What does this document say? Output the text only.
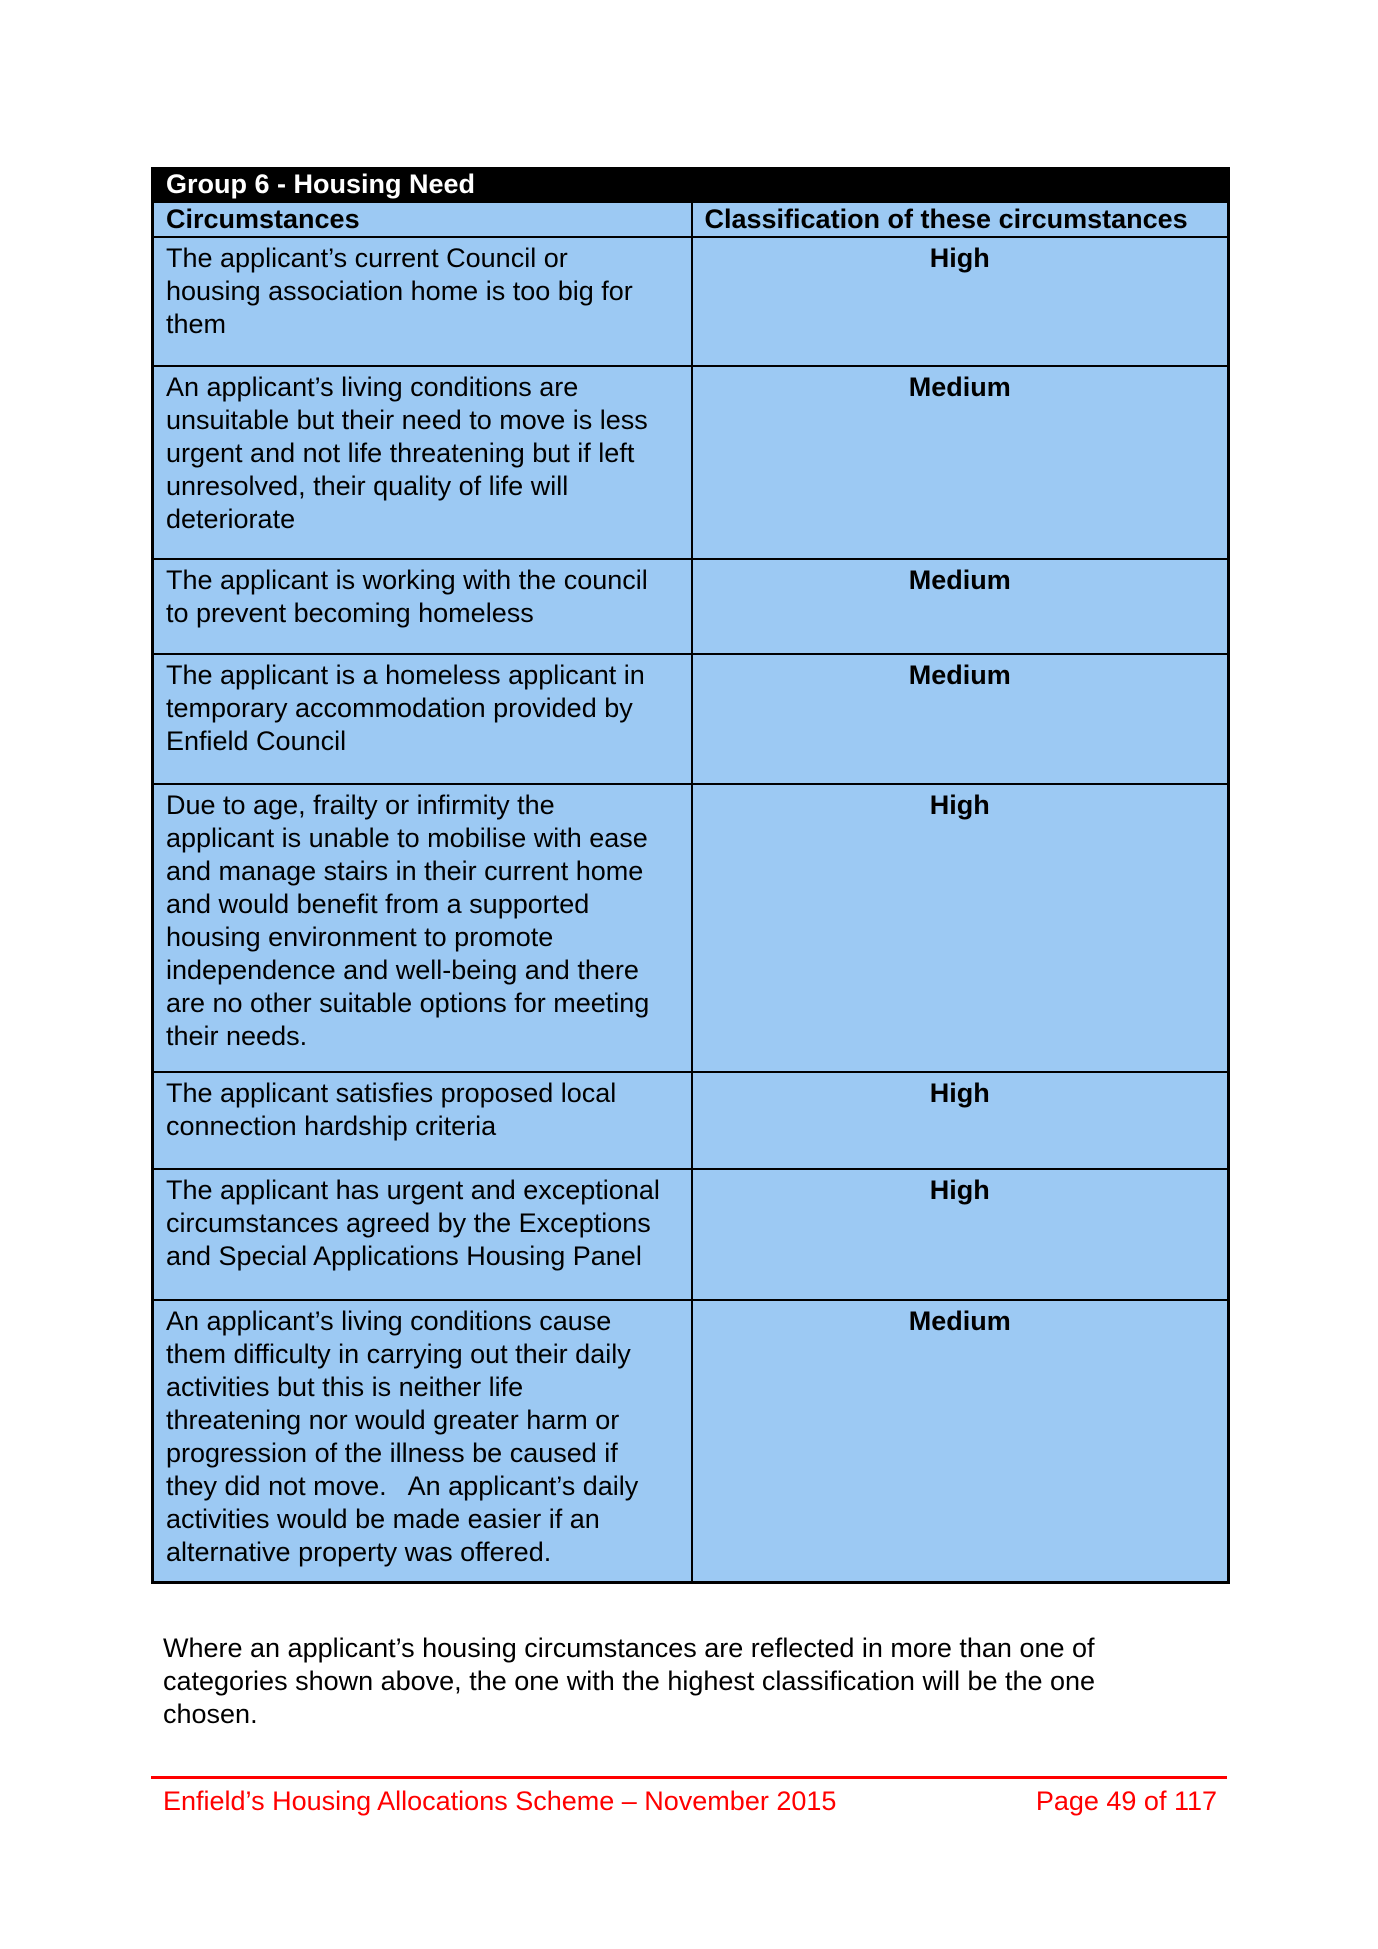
Group 6 - Housing Need	
Circumstances	Classification of these circumstances
The applicant’s current Council or housing association home is too big for them	High
An applicant’s living conditions are unsuitable but their need to move is less urgent and not life threatening but if left unresolved, their quality of life will deteriorate	Medium
The applicant is working with the council to prevent becoming homeless	Medium
The applicant is a homeless applicant in temporary accommodation provided by Enfield Council	Medium
Due to age, frailty or infirmity the applicant is unable to mobilise with ease and manage stairs in their current home and would benefit from a supported housing environment to promote independence and well-being and there are no other suitable options for meeting their needs.	High
The applicant satisfies proposed local connection hardship criteria	High
The applicant has urgent and exceptional circumstances agreed by the Exceptions and Special Applications Housing Panel	High
An applicant’s living conditions cause them difficulty in carrying out their daily activities but this is neither life threatening nor would greater harm or progression of the illness be caused if they did not move.   An applicant’s daily activities would be made easier if an alternative property was offered.	Medium

Where an applicant’s housing circumstances are reflected in more than one of categories shown above, the one with the highest classification will be the one chosen.

Enfield’s Housing Allocations Scheme – November 2015	Page 49 of 117
